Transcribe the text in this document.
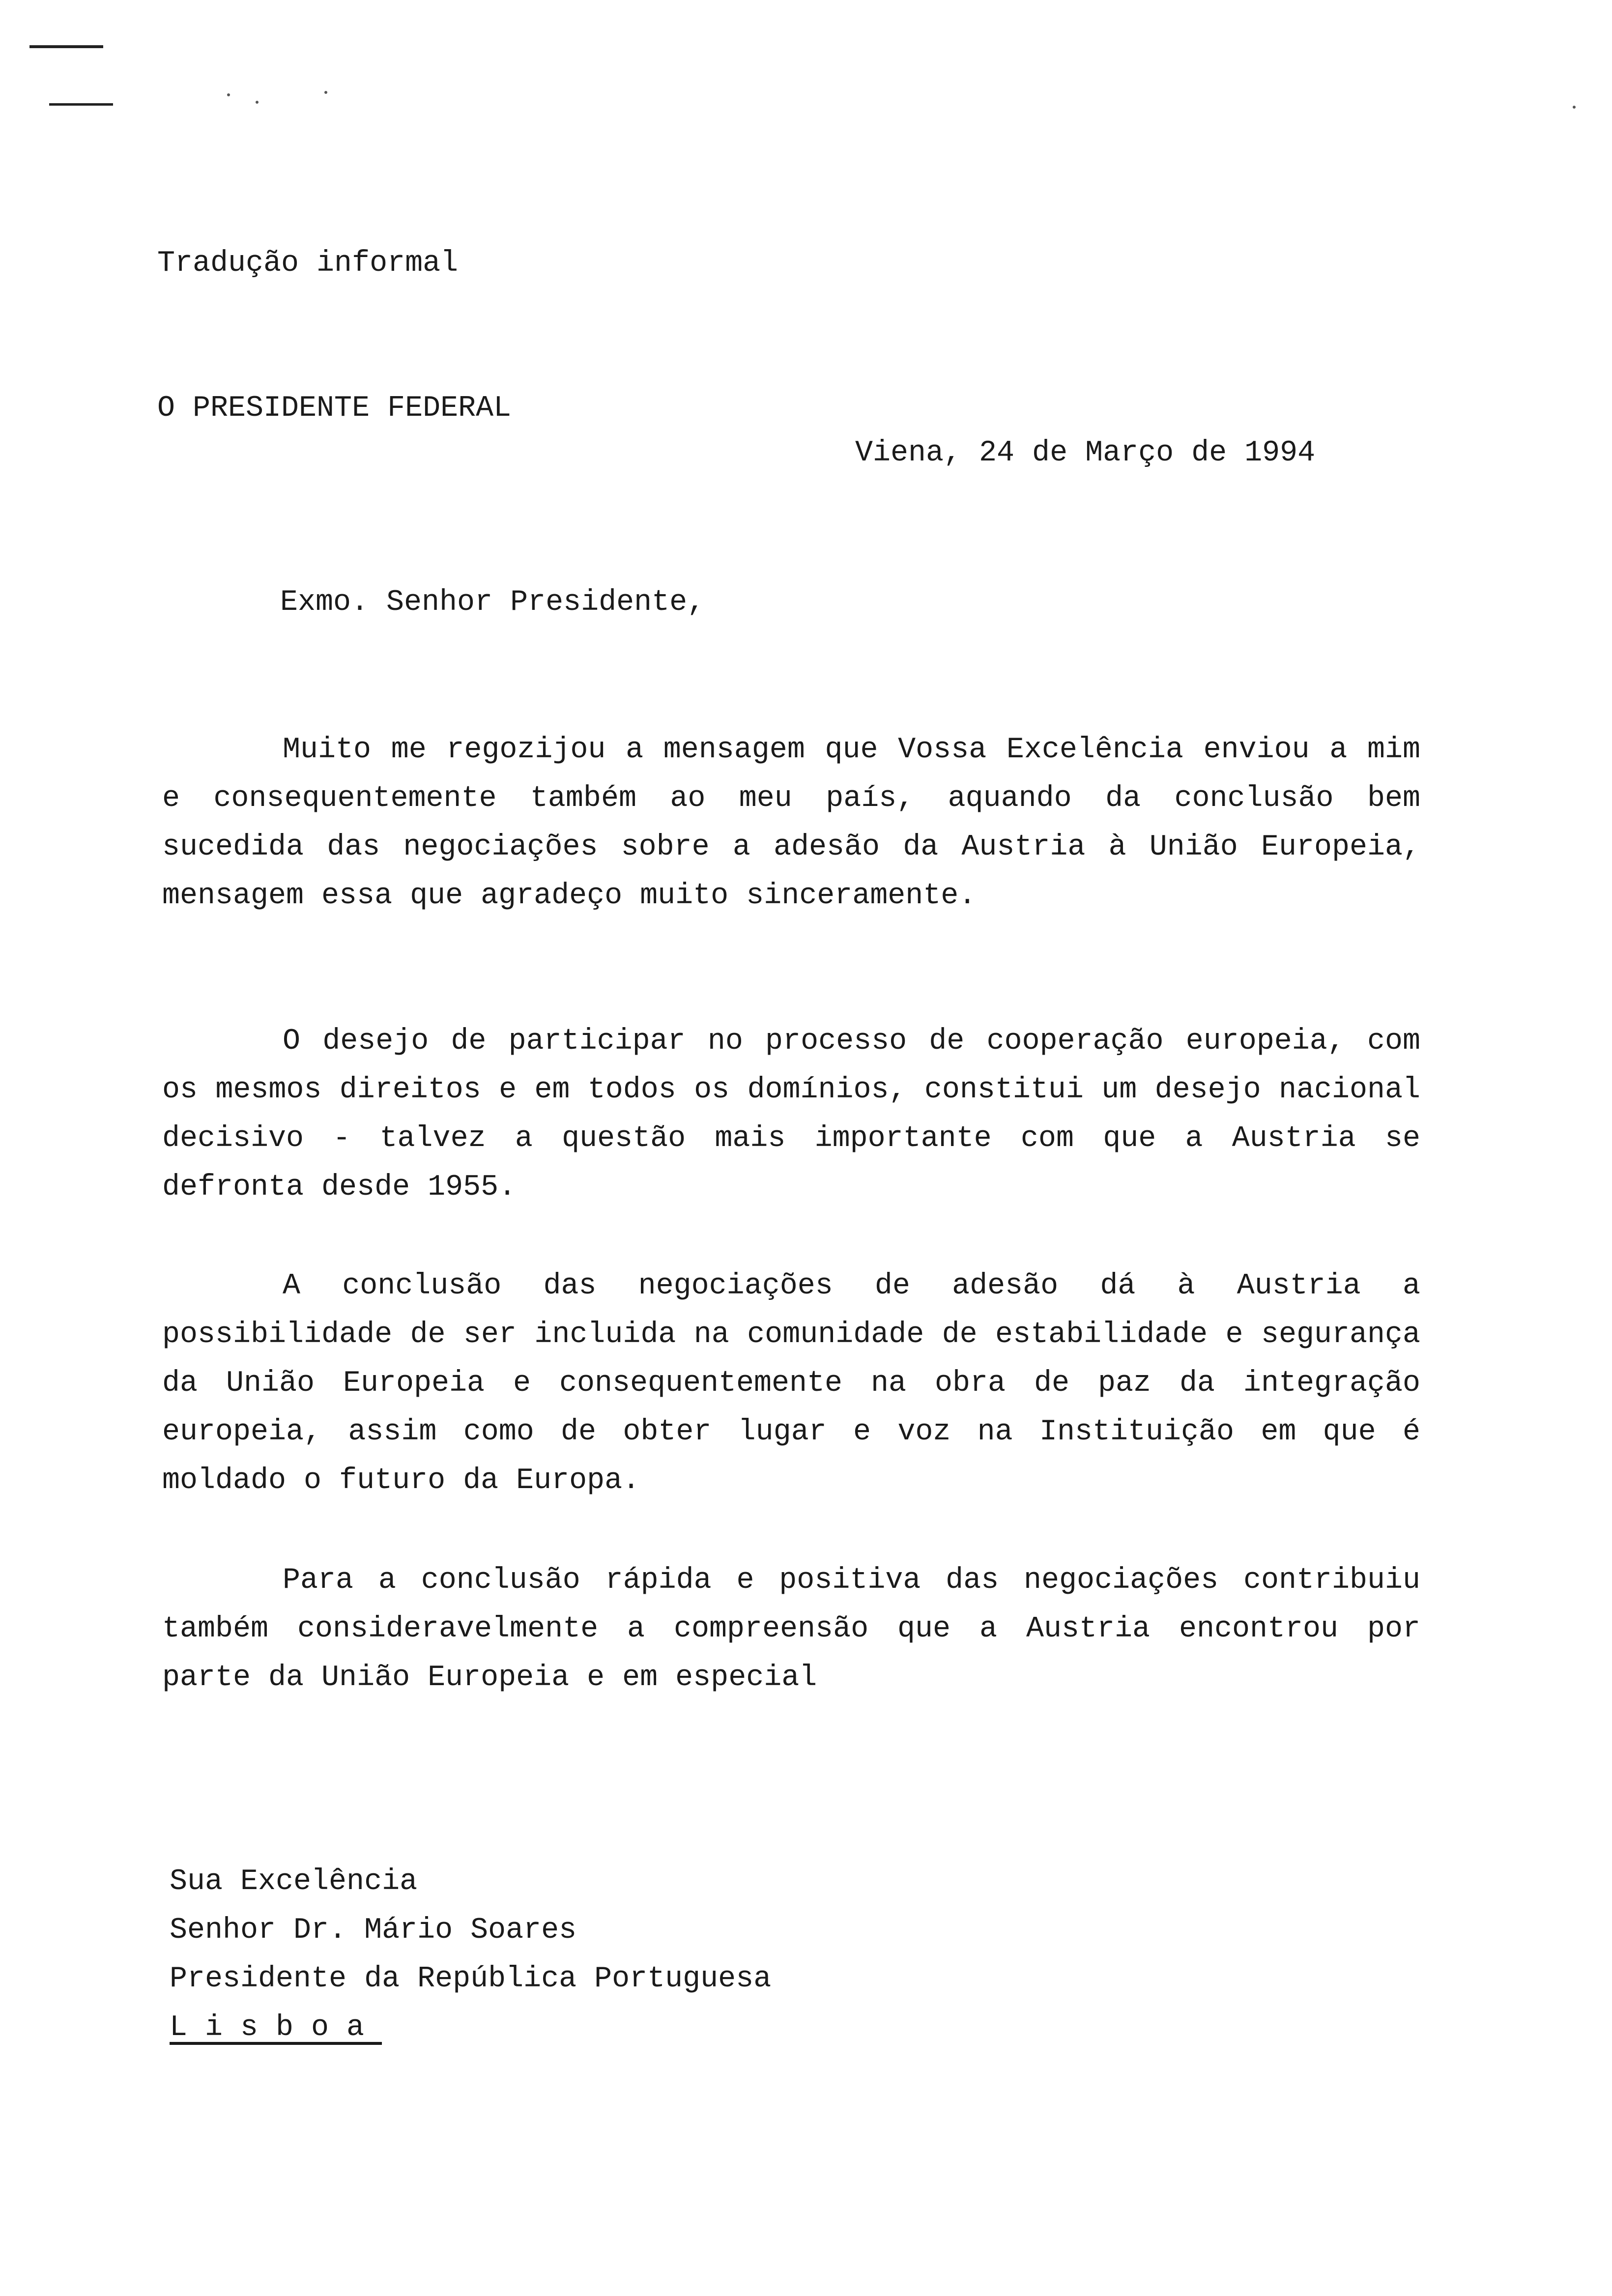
Tradução informal

O PRESIDENTE FEDERAL

Viena, 24 de Março de 1994

Exmo. Senhor Presidente,

Muito me regozijou a mensagem que Vossa Excelência enviou a mim e consequentemente também ao meu país, aquando da conclusão bem sucedida das negociações sobre a adesão da Austria à União Europeia, mensagem essa que agradeço muito sinceramente.

O desejo de participar no processo de cooperação europeia, com os mesmos direitos e em todos os domínios, constitui um desejo nacional decisivo - talvez a questão mais importante com que a Austria se defronta desde 1955.

A conclusão das negociações de adesão dá à Austria a possibilidade de ser incluida na comunidade de estabilidade e segurança da União Europeia e consequentemente na obra de paz da integração europeia, assim como de obter lugar e voz na Instituição em que é moldado o futuro da Europa.

Para a conclusão rápida e positiva das negociações contribuiu também consideravelmente a compreensão que a Austria encontrou por parte da União Europeia e em especial

Sua Excelência
Senhor Dr. Mário Soares
Presidente da República Portuguesa
Lisboa
